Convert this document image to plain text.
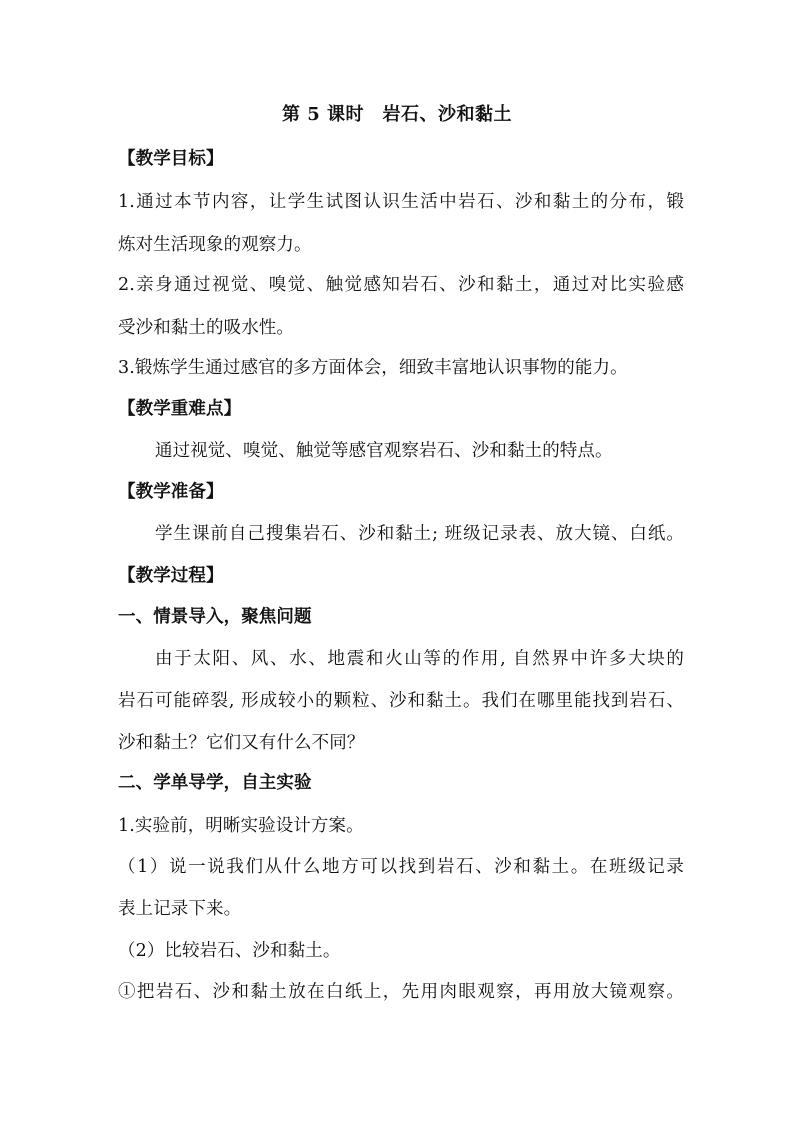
第 5 课时　岩石、沙和黏土
【教学目标】
1.通过本节内容，让学生试图认识生活中岩石、沙和黏土的分布，锻
炼对生活现象的观察力。
2.亲身通过视觉、嗅觉、触觉感知岩石、沙和黏土，通过对比实验感
受沙和黏土的吸水性。
3.锻炼学生通过感官的多方面体会，细致丰富地认识事物的能力。
【教学重难点】
通过视觉、嗅觉、触觉等感官观察岩石、沙和黏土的特点。
【教学准备】
学生课前自己搜集岩石、沙和黏土; 班级记录表、放大镜、白纸。
【教学过程】
一、情景导入，聚焦问题
由于太阳、风、水、地震和火山等的作用, 自然界中许多大块的
岩石可能碎裂, 形成较小的颗粒、沙和黏土。我们在哪里能找到岩石、
沙和黏土？它们又有什么不同？
二、学单导学，自主实验
1.实验前，明晰实验设计方案。
（1）说一说我们从什么地方可以找到岩石、沙和黏土。在班级记录
表上记录下来。
（2）比较岩石、沙和黏土。
①把岩石、沙和黏土放在白纸上，先用肉眼观察，再用放大镜观察。
